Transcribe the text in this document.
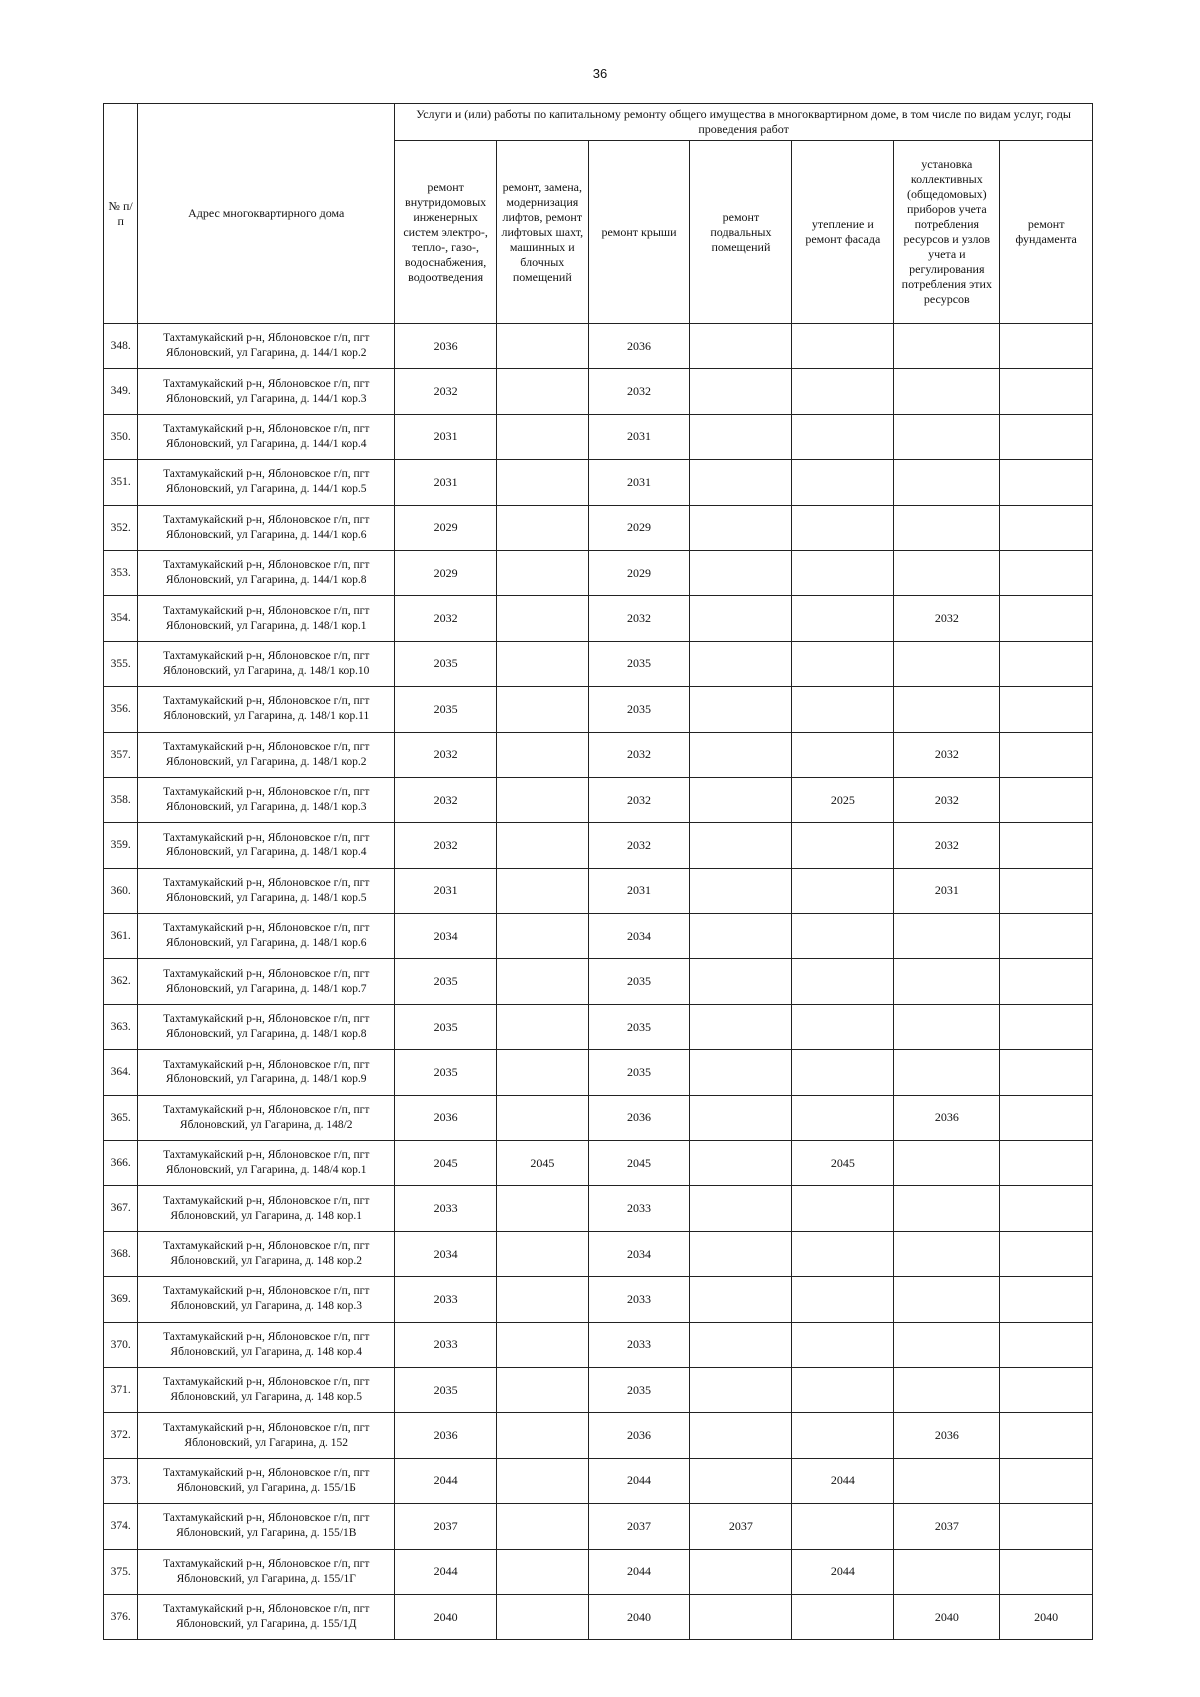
36
№ п/п	Адрес многоквартирного дома	Услуги и (или) работы по капитальному ремонту общего имущества в многоквартирном доме, в том числе по видам услуг, годы проведения работ						
		ремонт внутридомовых инженерных систем электро-, тепло-, газо-, водоснабжения, водоотведения	ремонт, замена, модернизация лифтов, ремонт лифтовых шахт, машинных и блочных помещений	ремонт крыши	ремонт подвальных помещений	утепление и ремонт фасада	установка коллективных (общедомовых) приборов учета потребления ресурсов и узлов учета и регулирования потребления этих ресурсов	ремонт фундамента
348.	Тахтамукайский р-н, Яблоновское г/п, пгт
Яблоновский, ул Гагарина, д. 144/1 кор.2	2036		2036				
349.	Тахтамукайский р-н, Яблоновское г/п, пгт
Яблоновский, ул Гагарина, д. 144/1 кор.3	2032		2032				
350.	Тахтамукайский р-н, Яблоновское г/п, пгт
Яблоновский, ул Гагарина, д. 144/1 кор.4	2031		2031				
351.	Тахтамукайский р-н, Яблоновское г/п, пгт
Яблоновский, ул Гагарина, д. 144/1 кор.5	2031		2031				
352.	Тахтамукайский р-н, Яблоновское г/п, пгт
Яблоновский, ул Гагарина, д. 144/1 кор.6	2029		2029				
353.	Тахтамукайский р-н, Яблоновское г/п, пгт
Яблоновский, ул Гагарина, д. 144/1 кор.8	2029		2029				
354.	Тахтамукайский р-н, Яблоновское г/п, пгт
Яблоновский, ул Гагарина, д. 148/1 кор.1	2032		2032			2032	
355.	Тахтамукайский р-н, Яблоновское г/п, пгт
Яблоновский, ул Гагарина, д. 148/1 кор.10	2035		2035				
356.	Тахтамукайский р-н, Яблоновское г/п, пгт
Яблоновский, ул Гагарина, д. 148/1 кор.11	2035		2035				
357.	Тахтамукайский р-н, Яблоновское г/п, пгт
Яблоновский, ул Гагарина, д. 148/1 кор.2	2032		2032			2032	
358.	Тахтамукайский р-н, Яблоновское г/п, пгт
Яблоновский, ул Гагарина, д. 148/1 кор.3	2032		2032		2025	2032	
359.	Тахтамукайский р-н, Яблоновское г/п, пгт
Яблоновский, ул Гагарина, д. 148/1 кор.4	2032		2032			2032	
360.	Тахтамукайский р-н, Яблоновское г/п, пгт
Яблоновский, ул Гагарина, д. 148/1 кор.5	2031		2031			2031	
361.	Тахтамукайский р-н, Яблоновское г/п, пгт
Яблоновский, ул Гагарина, д. 148/1 кор.6	2034		2034				
362.	Тахтамукайский р-н, Яблоновское г/п, пгт
Яблоновский, ул Гагарина, д. 148/1 кор.7	2035		2035				
363.	Тахтамукайский р-н, Яблоновское г/п, пгт
Яблоновский, ул Гагарина, д. 148/1 кор.8	2035		2035				
364.	Тахтамукайский р-н, Яблоновское г/п, пгт
Яблоновский, ул Гагарина, д. 148/1 кор.9	2035		2035				
365.	Тахтамукайский р-н, Яблоновское г/п, пгт
Яблоновский, ул Гагарина, д. 148/2	2036		2036			2036	
366.	Тахтамукайский р-н, Яблоновское г/п, пгт
Яблоновский, ул Гагарина, д. 148/4 кор.1	2045	2045	2045		2045		
367.	Тахтамукайский р-н, Яблоновское г/п, пгт
Яблоновский, ул Гагарина, д. 148 кор.1	2033		2033				
368.	Тахтамукайский р-н, Яблоновское г/п, пгт
Яблоновский, ул Гагарина, д. 148 кор.2	2034		2034				
369.	Тахтамукайский р-н, Яблоновское г/п, пгт
Яблоновский, ул Гагарина, д. 148 кор.3	2033		2033				
370.	Тахтамукайский р-н, Яблоновское г/п, пгт
Яблоновский, ул Гагарина, д. 148 кор.4	2033		2033				
371.	Тахтамукайский р-н, Яблоновское г/п, пгт
Яблоновский, ул Гагарина, д. 148 кор.5	2035		2035				
372.	Тахтамукайский р-н, Яблоновское г/п, пгт
Яблоновский, ул Гагарина, д. 152	2036		2036			2036	
373.	Тахтамукайский р-н, Яблоновское г/п, пгт
Яблоновский, ул Гагарина, д. 155/1Б	2044		2044		2044		
374.	Тахтамукайский р-н, Яблоновское г/п, пгт
Яблоновский, ул Гагарина, д. 155/1В	2037		2037	2037		2037	
375.	Тахтамукайский р-н, Яблоновское г/п, пгт
Яблоновский, ул Гагарина, д. 155/1Г	2044		2044		2044		
376.	Тахтамукайский р-н, Яблоновское г/п, пгт
Яблоновский, ул Гагарина, д. 155/1Д	2040		2040			2040	2040
